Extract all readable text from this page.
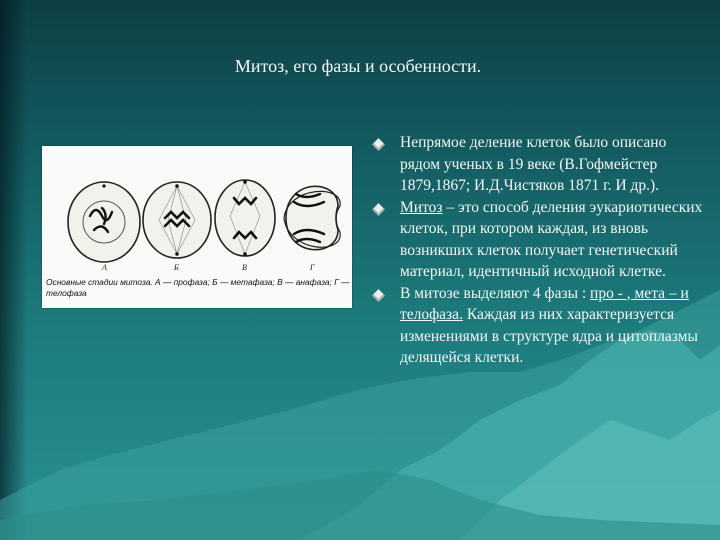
Митоз, его фазы и особенности.
А	Б	В	Г
Основные стадии митоза. А — профаза; Б — метафаза; В — анафаза; Г — телофаза
Непрямое деление клеток было описано рядом ученых в 19 веке (В.Гофмейстер 1879,1867; И.Д.Чистяков 1871 г. И др.).
Митоз – это способ деления эукариотических клеток, при котором каждая, из вновь возникших клеток получает генетический материал, идентичный исходной клетке.
В митозе выделяют 4 фазы : про - , мета – и телофаза. Каждая из них характеризуется изменениями в структуре ядра и цитоплазмы делящейся клетки.
